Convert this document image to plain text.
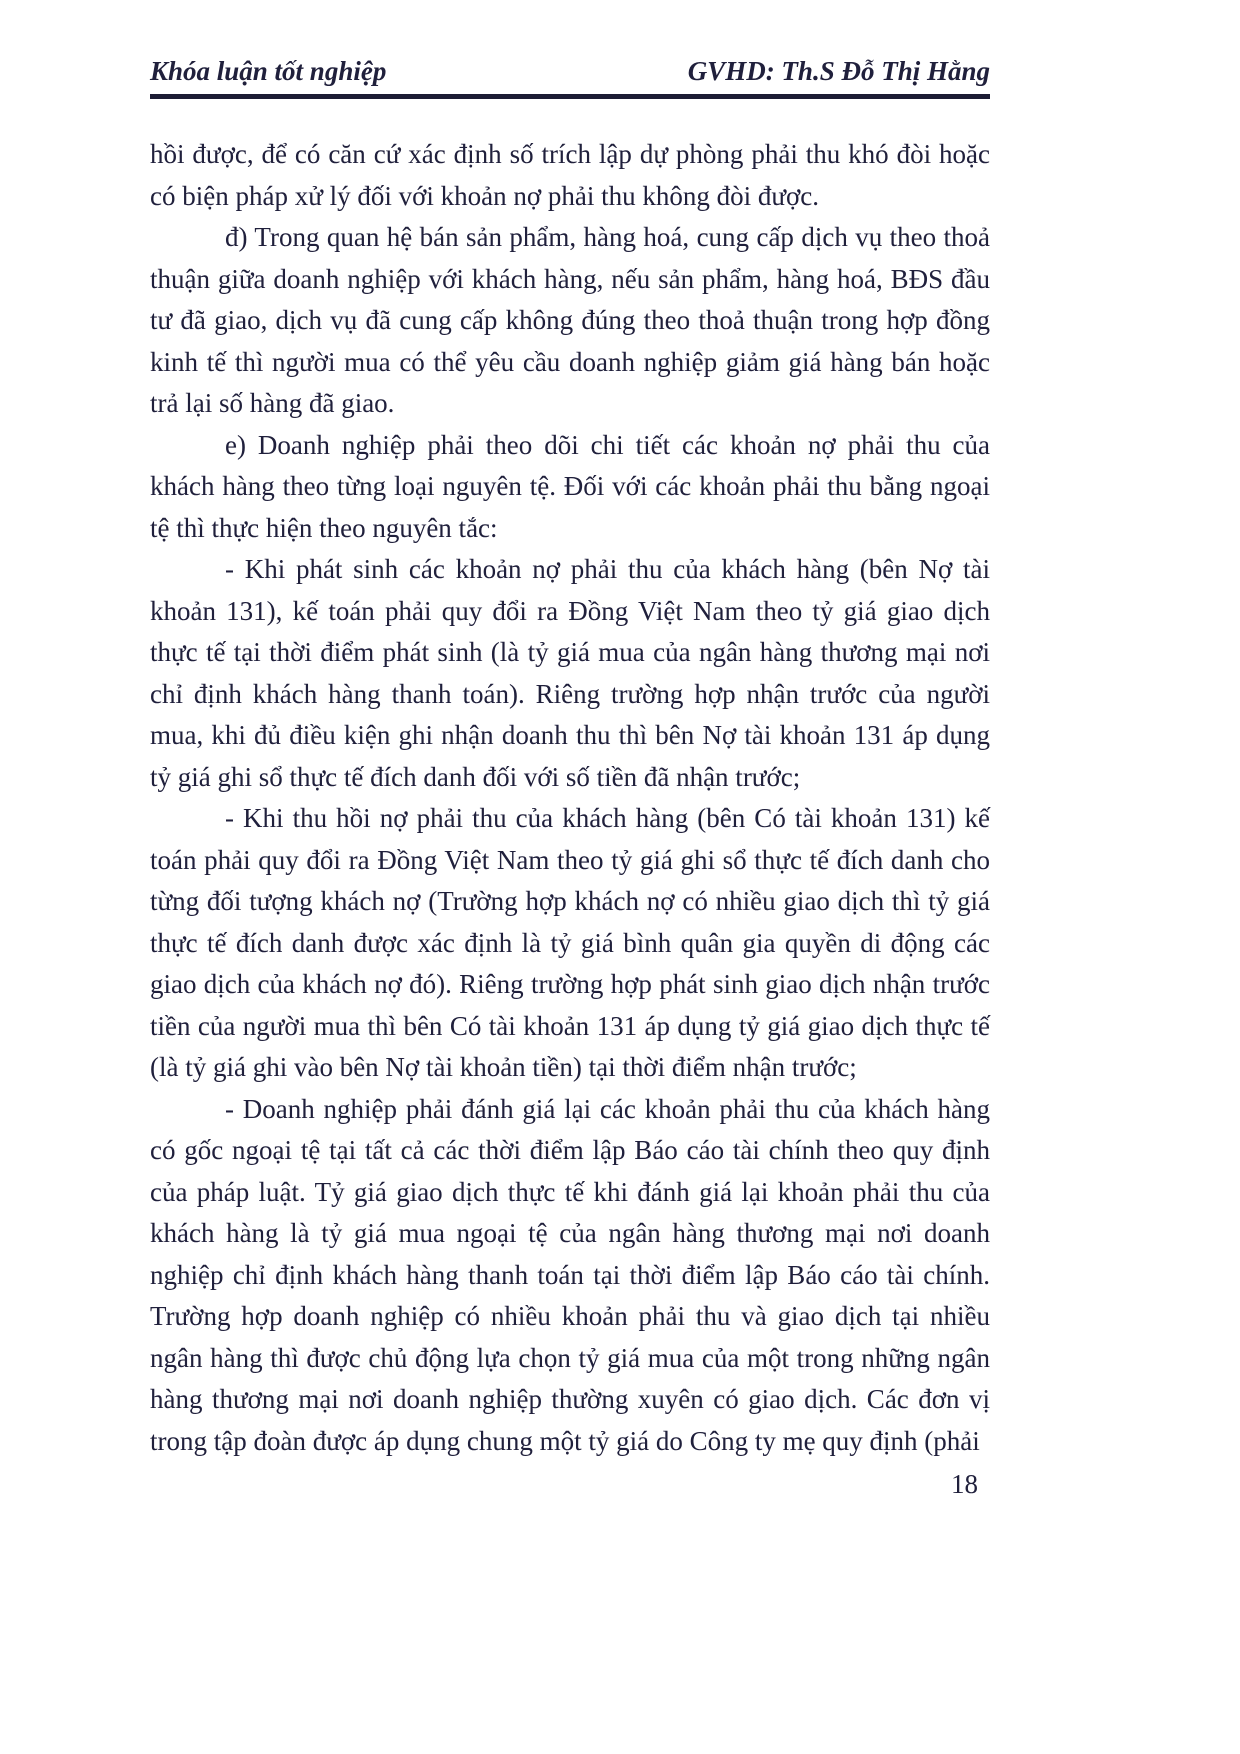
Khóa luận tốt nghiệp	GVHD: Th.S Đỗ Thị Hằng

hồi được, để có căn cứ xác định số trích lập dự phòng phải thu khó đòi hoặc có biện pháp xử lý đối với khoản nợ phải thu không đòi được.

đ) Trong quan hệ bán sản phẩm, hàng hoá, cung cấp dịch vụ theo thoả thuận giữa doanh nghiệp với khách hàng, nếu sản phẩm, hàng hoá, BĐS đầu tư đã giao, dịch vụ đã cung cấp không đúng theo thoả thuận trong hợp đồng kinh tế thì người mua có thể yêu cầu doanh nghiệp giảm giá hàng bán hoặc trả lại số hàng đã giao.

e) Doanh nghiệp phải theo dõi chi tiết các khoản nợ phải thu của khách hàng theo từng loại nguyên tệ. Đối với các khoản phải thu bằng ngoại tệ thì thực hiện theo nguyên tắc:

- Khi phát sinh các khoản nợ phải thu của khách hàng (bên Nợ tài khoản 131), kế toán phải quy đổi ra Đồng Việt Nam theo tỷ giá giao dịch thực tế tại thời điểm phát sinh (là tỷ giá mua của ngân hàng thương mại nơi chỉ định khách hàng thanh toán). Riêng trường hợp nhận trước của người mua, khi đủ điều kiện ghi nhận doanh thu thì bên Nợ tài khoản 131 áp dụng tỷ giá ghi sổ thực tế đích danh đối với số tiền đã nhận trước;

- Khi thu hồi nợ phải thu của khách hàng (bên Có tài khoản 131) kế toán phải quy đổi ra Đồng Việt Nam theo tỷ giá ghi sổ thực tế đích danh cho từng đối tượng khách nợ (Trường hợp khách nợ có nhiều giao dịch thì tỷ giá thực tế đích danh được xác định là tỷ giá bình quân gia quyền di động các giao dịch của khách nợ đó). Riêng trường hợp phát sinh giao dịch nhận trước tiền của người mua thì bên Có tài khoản 131 áp dụng tỷ giá giao dịch thực tế (là tỷ giá ghi vào bên Nợ tài khoản tiền) tại thời điểm nhận trước;

- Doanh nghiệp phải đánh giá lại các khoản phải thu của khách hàng có gốc ngoại tệ tại tất cả các thời điểm lập Báo cáo tài chính theo quy định của pháp luật. Tỷ giá giao dịch thực tế khi đánh giá lại khoản phải thu của khách hàng là tỷ giá mua ngoại tệ của ngân hàng thương mại nơi doanh nghiệp chỉ định khách hàng thanh toán tại thời điểm lập Báo cáo tài chính. Trường hợp doanh nghiệp có nhiều khoản phải thu và giao dịch tại nhiều ngân hàng thì được chủ động lựa chọn tỷ giá mua của một trong những ngân hàng thương mại nơi doanh nghiệp thường xuyên có giao dịch. Các đơn vị trong tập đoàn được áp dụng chung một tỷ giá do Công ty mẹ quy định (phải

18
